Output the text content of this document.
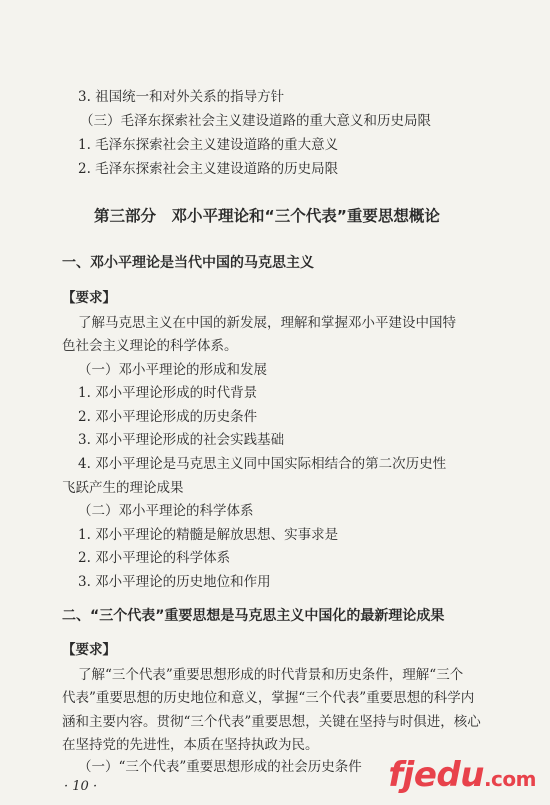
3. 祖国统一和对外关系的指导方针
（三）毛泽东探索社会主义建设道路的重大意义和历史局限
1. 毛泽东探索社会主义建设道路的重大意义
2. 毛泽东探索社会主义建设道路的历史局限
第三部分　邓小平理论和“三个代表”重要思想概论
一、邓小平理论是当代中国的马克思主义
【要求】
了解马克思主义在中国的新发展，理解和掌握邓小平建设中国特
色社会主义理论的科学体系。
（一）邓小平理论的形成和发展
1. 邓小平理论形成的时代背景
2. 邓小平理论形成的历史条件
3. 邓小平理论形成的社会实践基础
4. 邓小平理论是马克思主义同中国实际相结合的第二次历史性
飞跃产生的理论成果
（二）邓小平理论的科学体系
1. 邓小平理论的精髓是解放思想、实事求是
2. 邓小平理论的科学体系
3. 邓小平理论的历史地位和作用
二、“三个代表”重要思想是马克思主义中国化的最新理论成果
【要求】
了解“三个代表”重要思想形成的时代背景和历史条件，理解“三个
代表”重要思想的历史地位和意义，掌握“三个代表”重要思想的科学内
涵和主要内容。贯彻“三个代表”重要思想，关键在坚持与时俱进，核心
在坚持党的先进性，本质在坚持执政为民。
（一）“三个代表”重要思想形成的社会历史条件
· 10 ·	fjedu.com
